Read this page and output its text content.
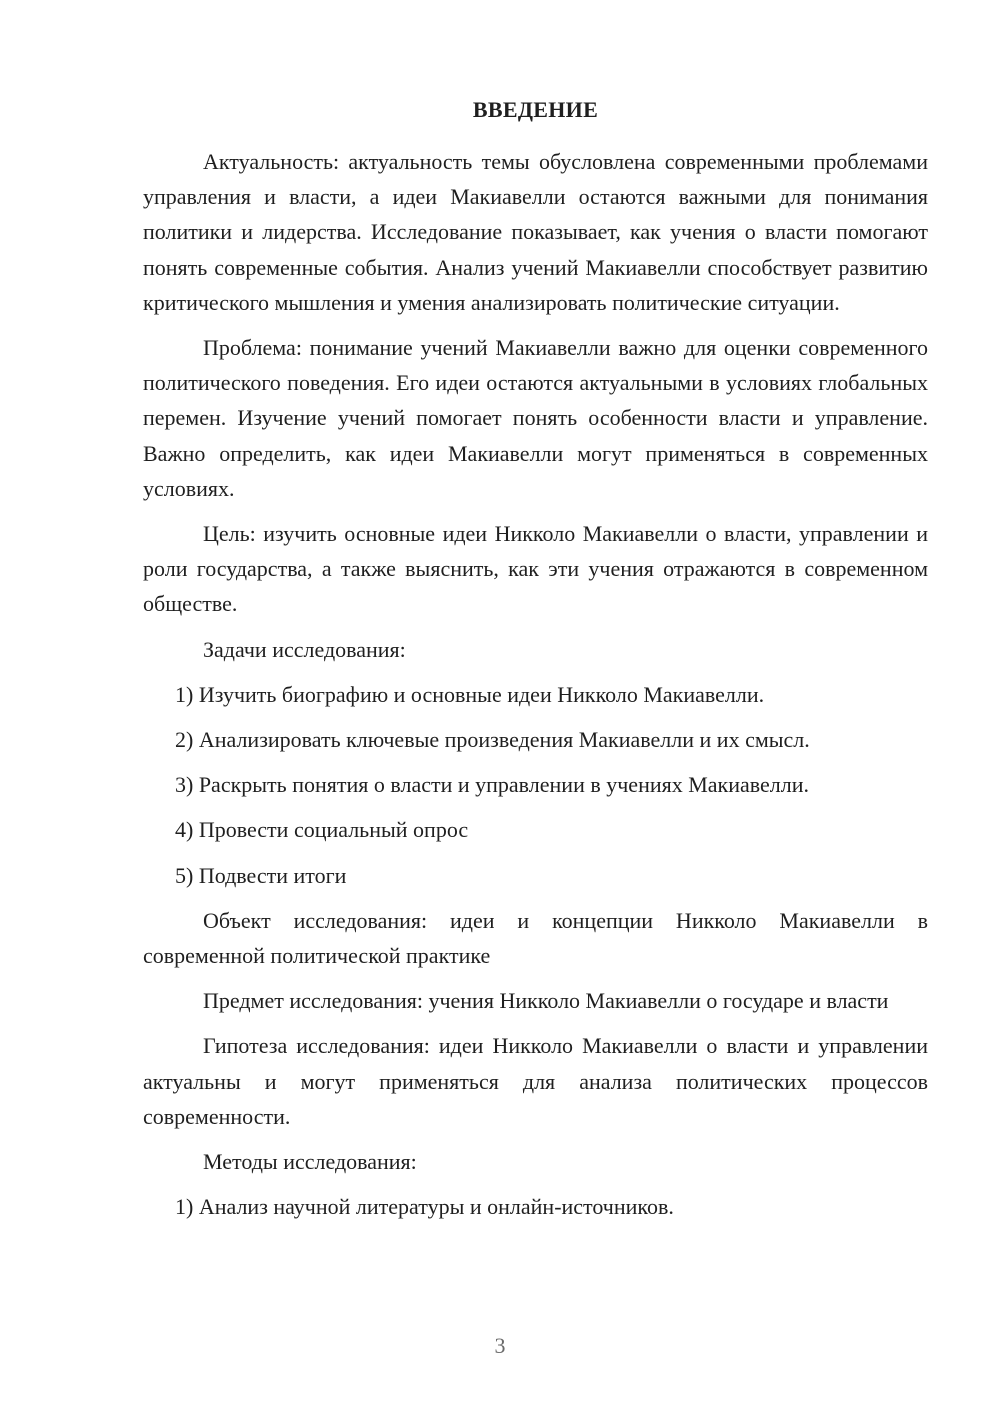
ВВЕДЕНИЕ

Актуальность: актуальность темы обусловлена современными проблемами управления и власти, а идеи Макиавелли остаются важными для понимания политики и лидерства. Исследование показывает, как учения о власти помогают понять современные события. Анализ учений Макиавелли способствует развитию критического мышления и умения анализировать политические ситуации.

Проблема: понимание учений Макиавелли важно для оценки современного политического поведения. Его идеи остаются актуальными в условиях глобальных перемен. Изучение учений помогает понять особенности власти и управление. Важно определить, как идеи Макиавелли могут применяться в современных условиях.

Цель: изучить основные идеи Никколо Макиавелли о власти, управлении и роли государства, а также выяснить, как эти учения отражаются в современном обществе.

Задачи исследования:

1) Изучить биографию и основные идеи Никколо Макиавелли.
2) Анализировать ключевые произведения Макиавелли и их смысл.
3) Раскрыть понятия о власти и управлении в учениях Макиавелли.
4) Провести социальный опрос
5) Подвести итоги

Объект исследования: идеи и концепции Никколо Макиавелли в современной политической практике

Предмет исследования: учения Никколо Макиавелли о государе и власти

Гипотеза исследования: идеи Никколо Макиавелли о власти и управлении актуальны и могут применяться для анализа политических процессов современности.

Методы исследования:

1) Анализ научной литературы и онлайн-источников.
3
